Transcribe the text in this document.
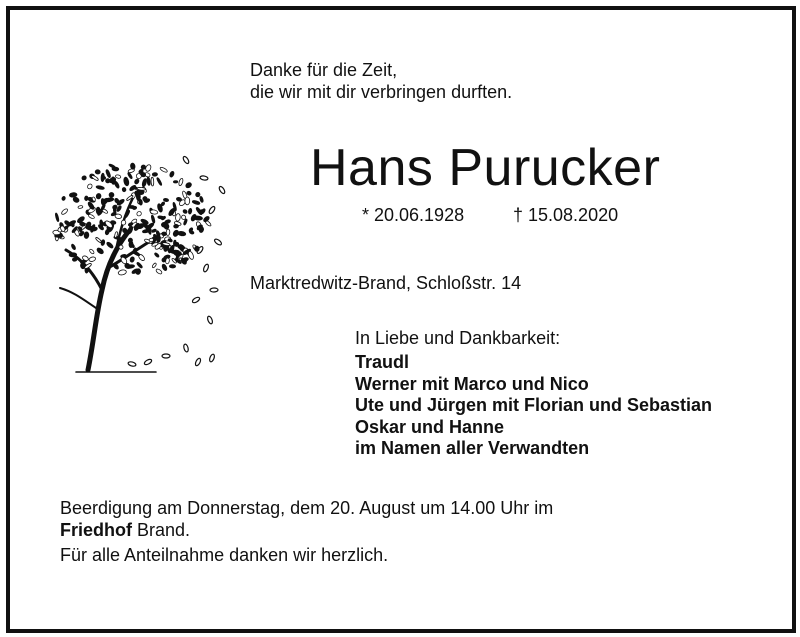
Danke für die Zeit,
die wir mit dir verbringen durften.
Hans Purucker
* 20.06.1928	† 15.08.2020
Marktredwitz-Brand, Schloßstr. 14
In Liebe und Dankbarkeit:
Traudl
Werner mit Marco und Nico
Ute und Jürgen mit Florian und Sebastian
Oskar und Hanne
im Namen aller Verwandten
Beerdigung am Donnerstag, dem 20. August um 14.00 Uhr im
Friedhof Brand.
Für alle Anteilnahme danken wir herzlich.
